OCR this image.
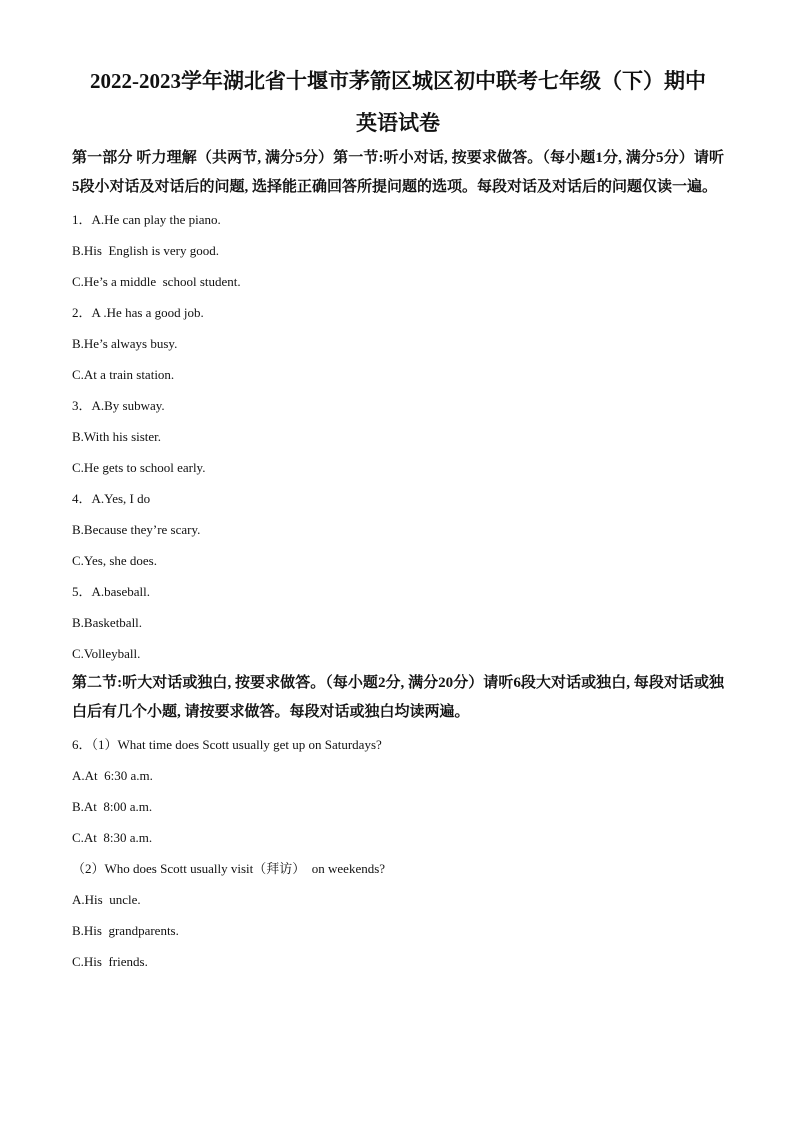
2022-2023学年湖北省十堰市茅箭区城区初中联考七年级（下）期中
英语试卷

第一部分 听力理解（共两节, 满分5分）第一节:听小对话, 按要求做答。（每小题1分, 满分5分）请听5段小对话及对话后的问题, 选择能正确回答所提问题的选项。每段对话及对话后的问题仅读一遍。

1．A.He can play the piano.

B.His  English is very good.

C.He’s a middle  school student.

2．A .He has a good job.

B.He’s always busy.

C.At a train station.

3．A.By subway.

B.With his sister.

C.He gets to school early.

4．A.Yes, I do

B.Because they’re scary.

C.Yes, she does.

5．A.baseball.

B.Basketball.

C.Volleyball.

第二节:听大对话或独白, 按要求做答。（每小题2分, 满分20分）请听6段大对话或独白, 每段对话或独白后有几个小题, 请按要求做答。每段对话或独白均读两遍。

6．（1）What time does Scott usually get up on Saturdays?

A.At  6:30 a.m.

B.At  8:00 a.m.

C.At  8:30 a.m.

（2）Who does Scott usually visit（拜访）  on weekends?

A.His  uncle.

B.His  grandparents.

C.His  friends.
